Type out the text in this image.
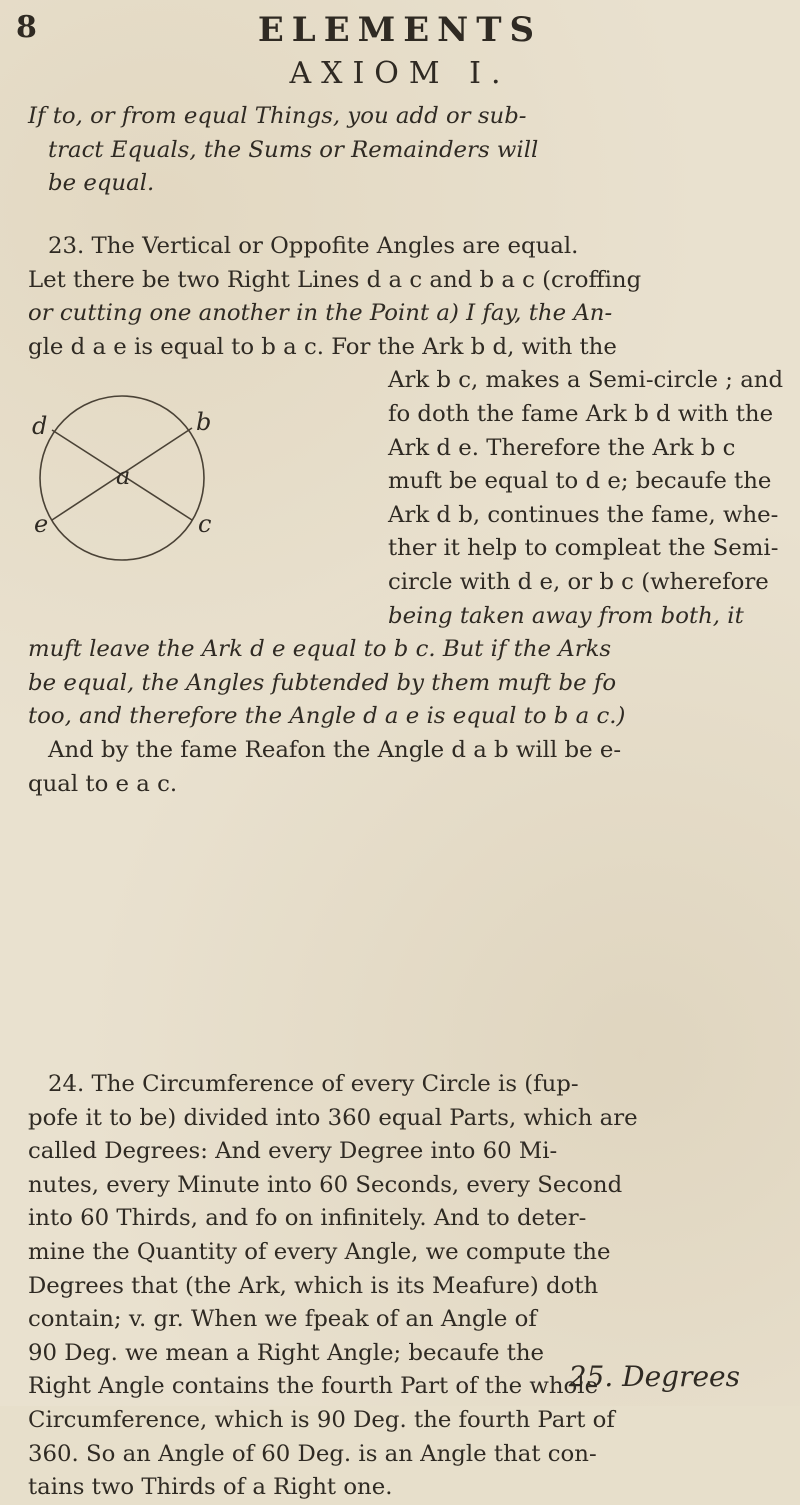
8	ELEMENTS
AXIOM I.
If to, or from equal Things, you add or sub-
tract Equals, the Sums or Remainders will
be equal.
23. The Vertical or Oppofite Angles are equal.
Let there be two Right Lines d a c and b a c (croffing
or cutting one another in the Point a) I fay, the An-
gle d a e is equal to b a c. For the Ark b d, with the
Ark b c, makes a Semi-circle ; and
fo doth the fame Ark b d with the
Ark d e. Therefore the Ark b c
muft be equal to d e; becaufe the
Ark d b, continues the fame, whe-
ther it help to compleat the Semi-
circle with d e, or b c (wherefore
being taken away from both, it
muft leave the Ark d e equal to b c. But if the Arks
be equal, the Angles fubtended by them muft be fo
too, and therefore the Angle d a e is equal to b a c.)
And by the fame Reafon the Angle d a b will be e-
qual to e a c.
d	b
a
e	c
24. The Circumference of every Circle is (fup-
pofe it to be) divided into 360 equal Parts, which are
called Degrees: And every Degree into 60 Mi-
nutes, every Minute into 60 Seconds, every Second
into 60 Thirds, and fo on infinitely. And to deter-
mine the Quantity of every Angle, we compute the
Degrees that (the Ark, which is its Meafure) doth
contain; v. gr. When we fpeak of an Angle of
90 Deg. we mean a Right Angle; becaufe the
Right Angle contains the fourth Part of the whole
Circumference, which is 90 Deg. the fourth Part of
360. So an Angle of 60 Deg. is an Angle that con-
tains two Thirds of a Right one.
25. Degrees
